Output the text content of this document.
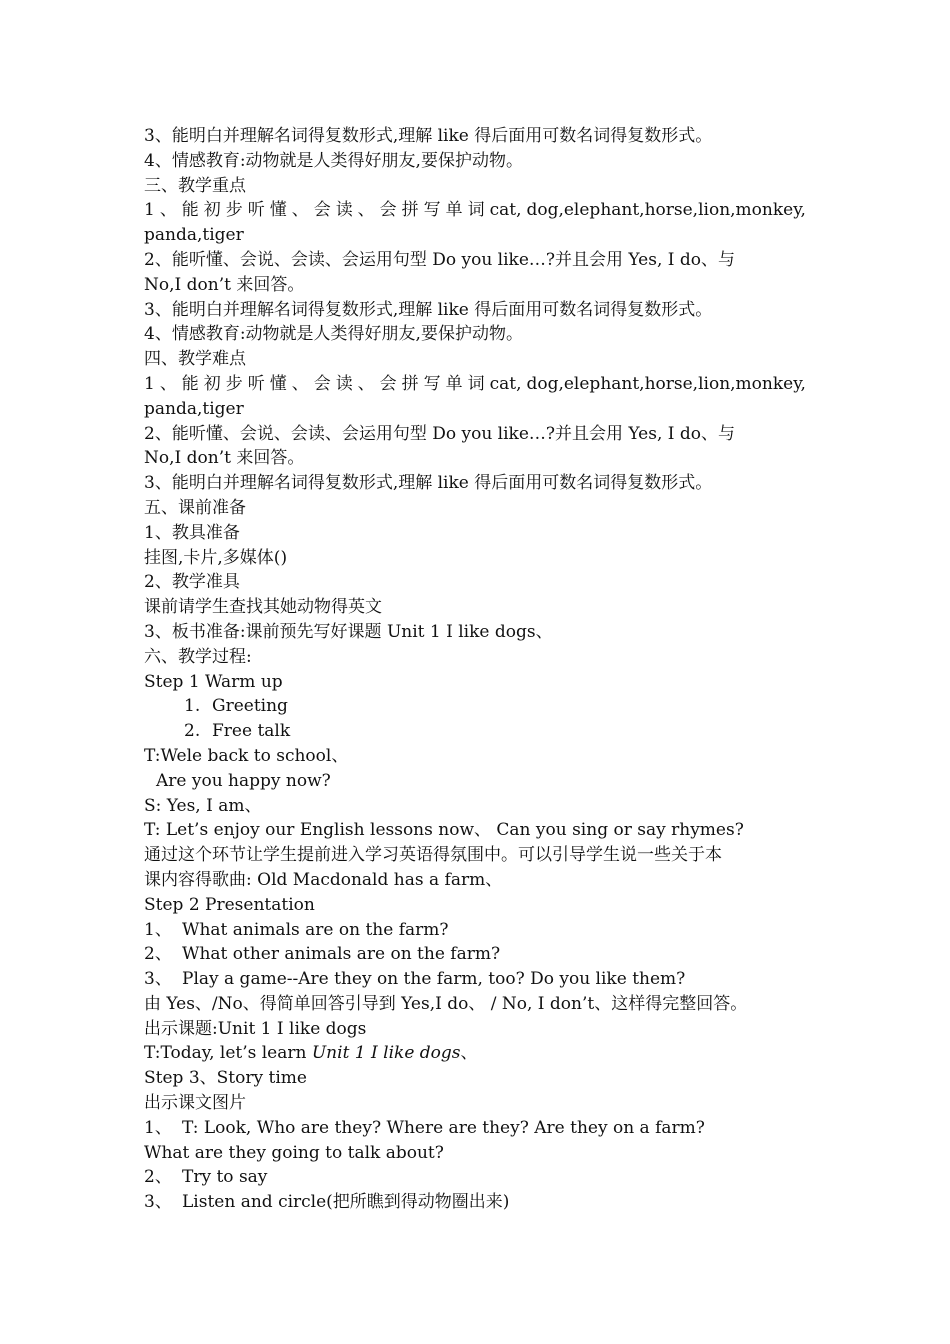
3、能明白并理解名词得复数形式,理解 like 得后面用可数名词得复数形式。
4、情感教育:动物就是人类得好朋友,要保护动物。
三、教学重点
1 、 能 初 步 听 懂 、 会 读 、 会 拼 写 单 词 cat, dog,elephant,horse,lion,monkey,
panda,tiger
2、能听懂、会说、会读、会运用句型 Do you like…?并且会用 Yes, I do、与
No,I don’t 来回答。
3、能明白并理解名词得复数形式,理解 like 得后面用可数名词得复数形式。
4、情感教育:动物就是人类得好朋友,要保护动物。
四、教学难点
1 、 能 初 步 听 懂 、 会 读 、 会 拼 写 单 词 cat, dog,elephant,horse,lion,monkey,
panda,tiger
2、能听懂、会说、会读、会运用句型 Do you like…?并且会用 Yes, I do、与
No,I don’t 来回答。
3、能明白并理解名词得复数形式,理解 like 得后面用可数名词得复数形式。
五、课前准备
1、教具准备
挂图,卡片,多媒体()
2、教学准具
课前请学生查找其她动物得英文
3、板书准备:课前预先写好课题 Unit 1 I like dogs、
六、教学过程:
Step 1 Warm up
1. Greeting
2. Free talk
T:Wele back to school、
Are you happy now?
S: Yes, I am、
T: Let’s enjoy our English lessons now、 Can you sing or say rhymes?
通过这个环节让学生提前进入学习英语得氛围中。可以引导学生说一些关于本
课内容得歌曲: Old Macdonald has a farm、
Step 2 Presentation
1、 What animals are on the farm?
2、 What other animals are on the farm?
3、 Play a game--Are they on the farm, too? Do you like them?
由 Yes、/No、得简单回答引导到 Yes,I do、 / No, I don’t、这样得完整回答。
出示课题:Unit 1 I like dogs
T:Today, let’s learn Unit 1 I like dogs、
Step 3、Story time
出示课文图片
1、 T: Look, Who are they? Where are they? Are they on a farm?
What are they going to talk about?
2、 Try to say
3、 Listen and circle(把所瞧到得动物圈出来)
